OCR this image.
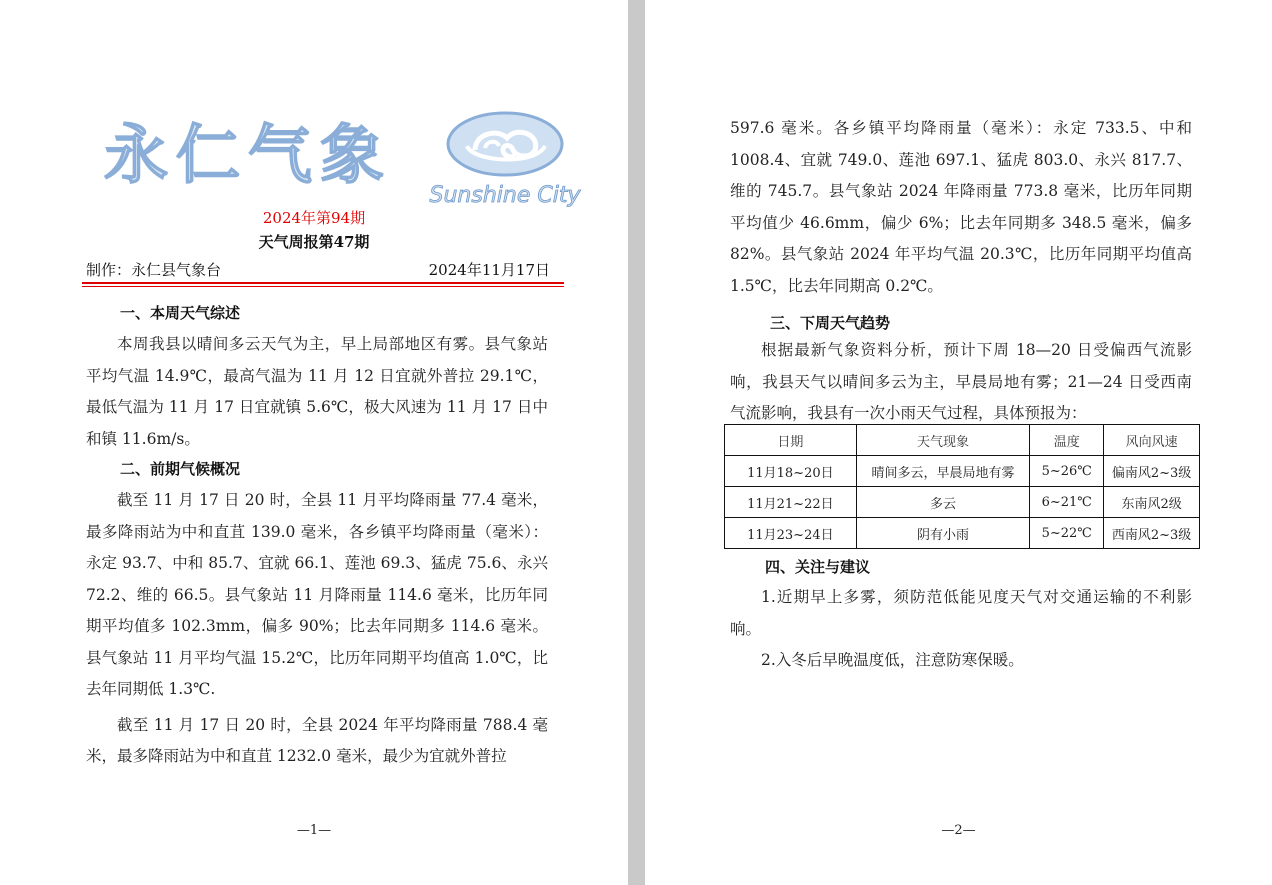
永仁气象
Sunshine City
2024年第94期
天气周报第47期
制作：永仁县气象台	2024年11月17日
一、本周天气综述

本周我县以晴间多云天气为主，早上局部地区有雾。县气象站平均气温 14.9℃，最高气温为 11 月 12 日宜就外普拉 29.1℃，最低气温为 11 月 17 日宜就镇 5.6℃，极大风速为 11 月 17 日中和镇 11.6m/s。

二、前期气候概况

截至 11 月 17 日 20 时，全县 11 月平均降雨量 77.4 毫米，最多降雨站为中和直苴 139.0 毫米，各乡镇平均降雨量（毫米）：永定 93.7、中和 85.7、宜就 66.1、莲池 69.3、猛虎 75.6、永兴 72.2、维的 66.5。县气象站 11 月降雨量 114.6 毫米，比历年同期平均值多 102.3mm，偏多 90%；比去年同期多 114.6 毫米。县气象站 11 月平均气温 15.2℃，比历年同期平均值高 1.0℃，比去年同期低 1.3℃.

截至 11 月 17 日 20 时，全县 2024 年平均降雨量 788.4 毫米，最多降雨站为中和直苴 1232.0 毫米，最少为宜就外普拉

—1—

597.6 毫米。各乡镇平均降雨量（毫米）：永定 733.5、中和 1008.4、宜就 749.0、莲池 697.1、猛虎 803.0、永兴 817.7、维的 745.7。县气象站 2024 年降雨量 773.8 毫米，比历年同期平均值少 46.6mm，偏少 6%；比去年同期多 348.5 毫米，偏多 82%。县气象站 2024 年平均气温 20.3℃，比历年同期平均值高 1.5℃，比去年同期高 0.2℃。

三、下周天气趋势

根据最新气象资料分析，预计下周 18—20 日受偏西气流影响，我县天气以晴间多云为主，早晨局地有雾；21—24 日受西南气流影响，我县有一次小雨天气过程，具体预报为：

日期	天气现象	温度	风向风速
11月18~20日	晴间多云，早晨局地有雾	5~26℃	偏南风2~3级
11月21~22日	多云	6~21℃	东南风2级
11月23~24日	阴有小雨	5~22℃	西南风2~3级
四、关注与建议

1.近期早上多雾，须防范低能见度天气对交通运输的不利影响。

2.入冬后早晚温度低，注意防寒保暖。

—2—
